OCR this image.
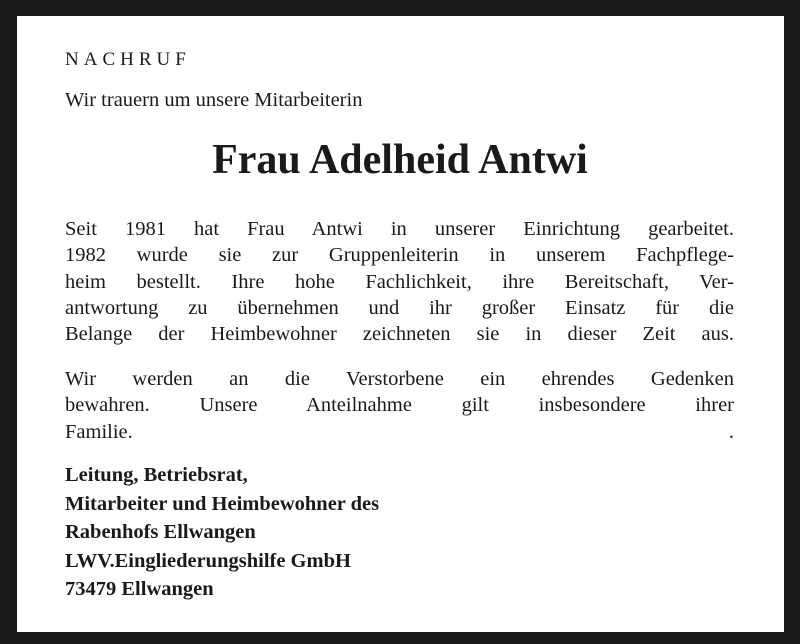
NACHRUF
Wir trauern um unsere Mitarbeiterin
Frau Adelheid Antwi
Seit 1981 hat Frau Antwi in unserer Einrichtung gearbeitet.
1982 wurde sie zur Gruppenleiterin in unserem Fachpflege-
heim bestellt. Ihre hohe Fachlichkeit, ihre Bereitschaft, Ver-
antwortung zu übernehmen und ihr großer Einsatz für die
Belange der Heimbewohner zeichneten sie in dieser Zeit aus.
Wir werden an die Verstorbene ein ehrendes Gedenken
bewahren. Unsere Anteilnahme gilt insbesondere ihrer
Familie.	.
Leitung, Betriebsrat,
Mitarbeiter und Heimbewohner des
Rabenhofs Ellwangen
LWV.Eingliederungshilfe GmbH
73479 Ellwangen
